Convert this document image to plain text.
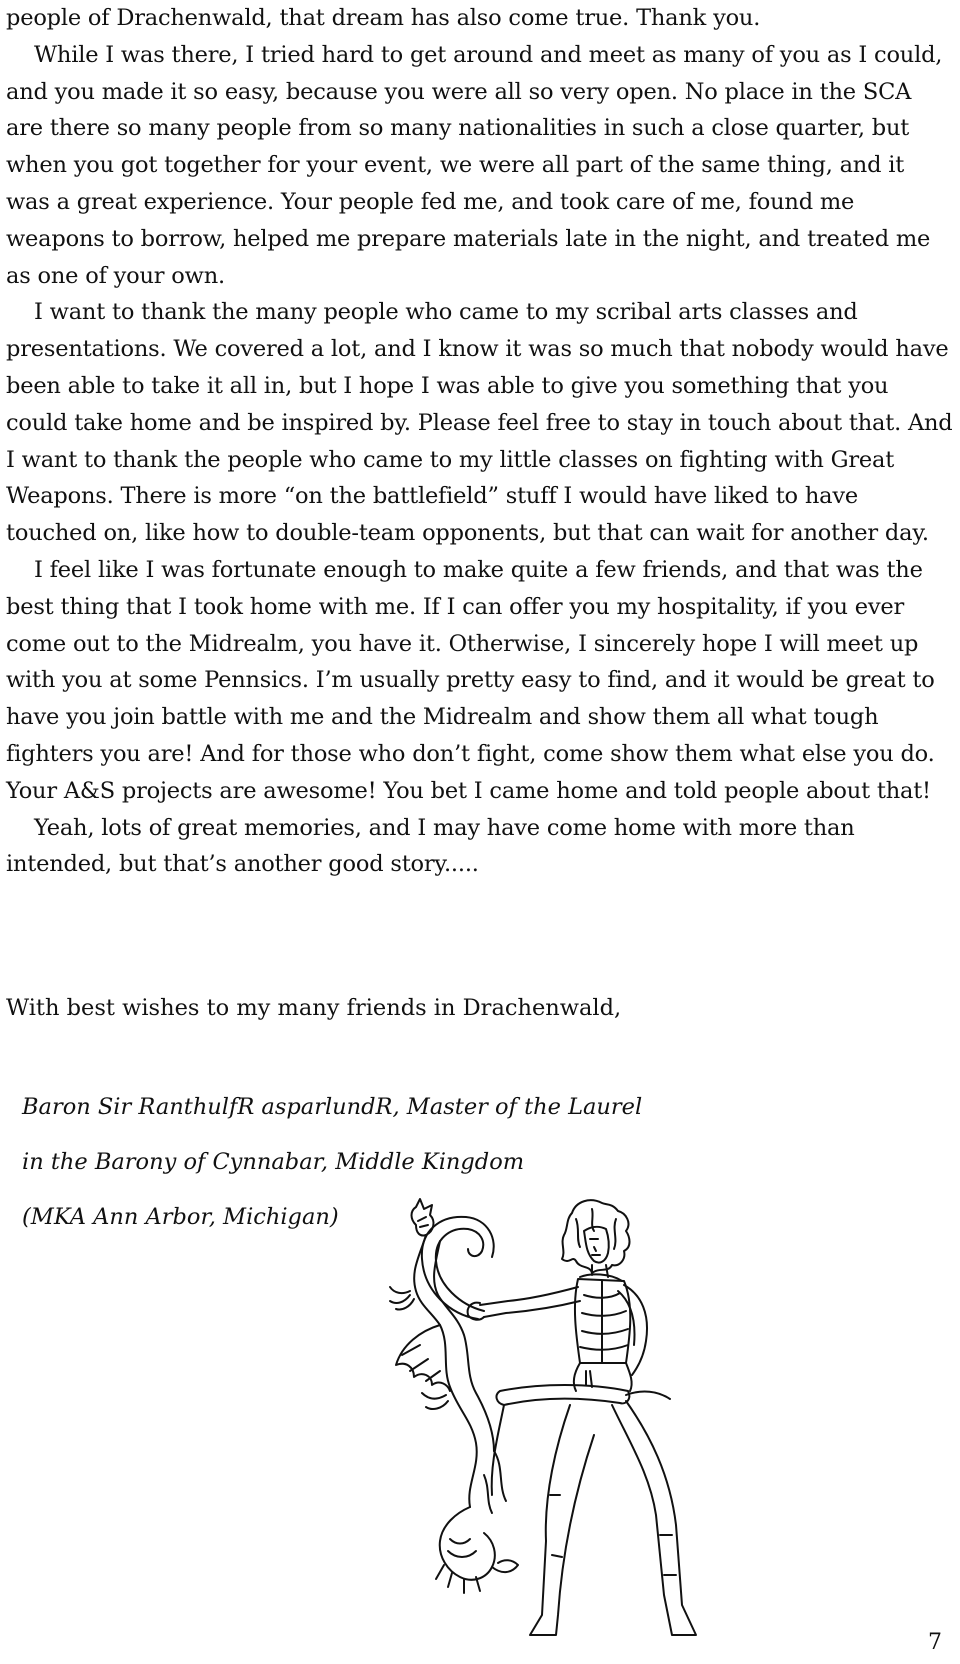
people of Drachenwald, that dream has also come true. Thank you.

While I was there, I tried hard to get around and meet as many of you as I could, and you made it so easy, because you were all so very open. No place in the SCA are there so many people from so many nationalities in such a close quarter, but when you got together for your event, we were all part of the same thing, and it was a great experience. Your people fed me, and took care of me, found me weapons to borrow, helped me prepare materials late in the night, and treated me as one of your own.

I want to thank the many people who came to my scribal arts classes and presentations. We covered a lot, and I know it was so much that nobody would have been able to take it all in, but I hope I was able to give you something that you could take home and be inspired by. Please feel free to stay in touch about that. And I want to thank the people who came to my little classes on fighting with Great Weapons. There is more “on the battlefield” stuff I would have liked to have touched on, like how to double-team opponents, but that can wait for another day.

I feel like I was fortunate enough to make quite a few friends, and that was the best thing that I took home with me. If I can offer you my hospitality, if you ever come out to the Midrealm, you have it. Otherwise, I sincerely hope I will meet up with you at some Pennsics. I’m usually pretty easy to find, and it would be great to have you join battle with me and the Midrealm and show them all what tough fighters you are! And for those who don’t fight, come show them what else you do. Your A&S projects are awesome! You bet I came home and told people about that!

Yeah, lots of great memories, and I may have come home with more than intended, but that’s another good story.....

With best wishes to my many friends in Drachenwald,
Baron Sir RanthulfR asparlundR, Master of the Laurel
in the Barony of Cynnabar, Middle Kingdom
(MKA Ann Arbor, Michigan)
7
